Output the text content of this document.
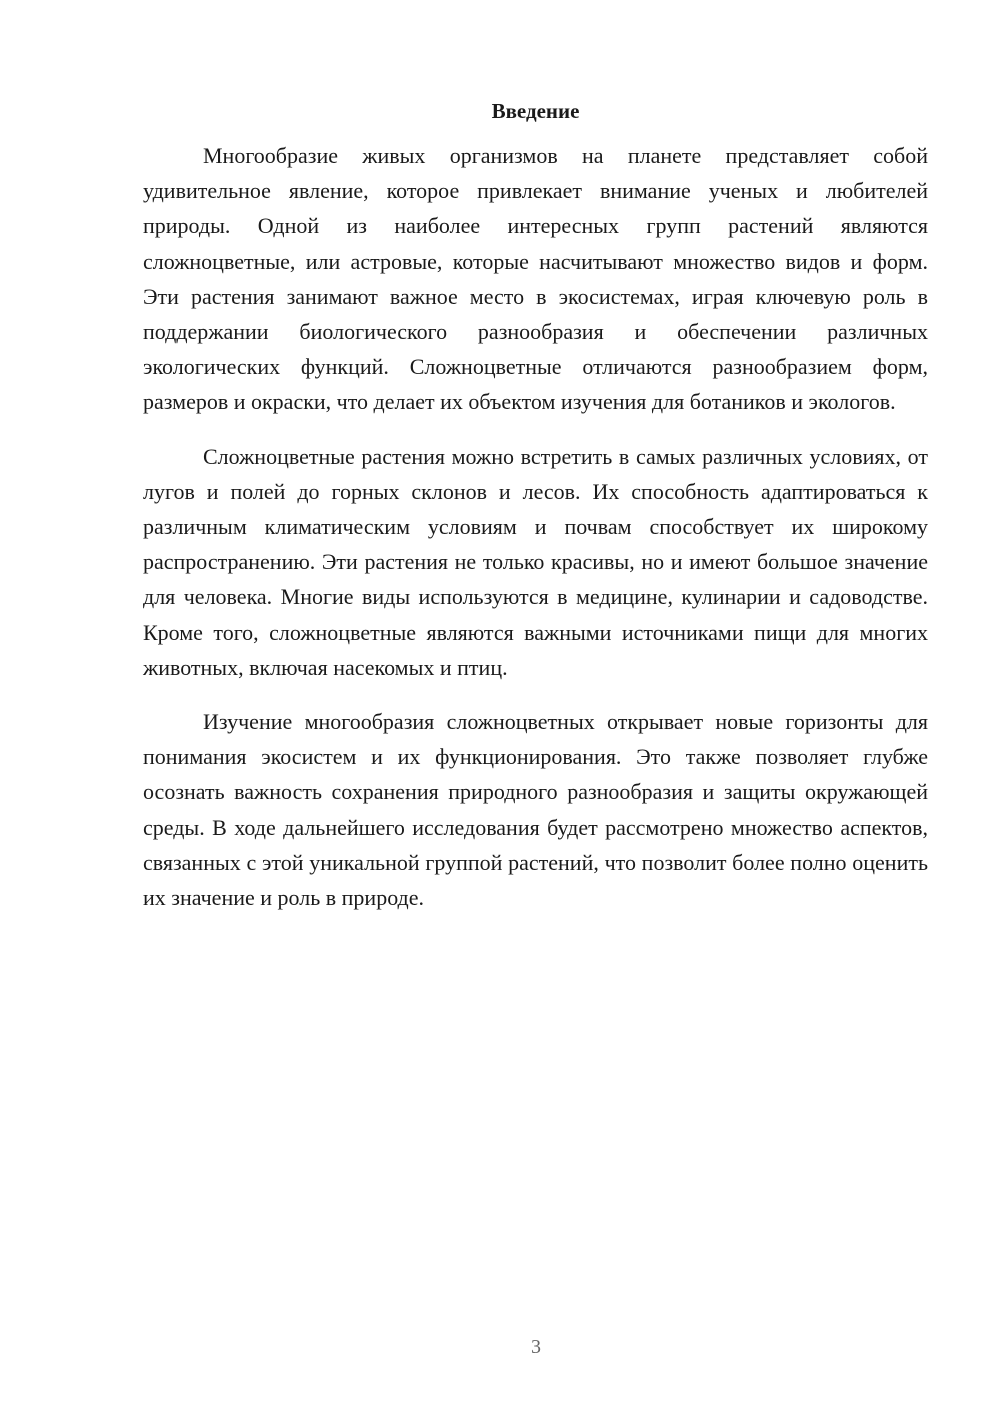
Введение

Многообразие живых организмов на планете представляет собой удивительное явление, которое привлекает внимание ученых и любителей природы. Одной из наиболее интересных групп растений являются сложноцветные, или астровые, которые насчитывают множество видов и форм. Эти растения занимают важное место в экосистемах, играя ключевую роль в поддержании биологического разнообразия и обеспечении различных экологических функций. Сложноцветные отличаются разнообразием форм, размеров и окраски, что делает их объектом изучения для ботаников и экологов.

Сложноцветные растения можно встретить в самых различных условиях, от лугов и полей до горных склонов и лесов. Их способность адаптироваться к различным климатическим условиям и почвам способствует их широкому распространению. Эти растения не только красивы, но и имеют большое значение для человека. Многие виды используются в медицине, кулинарии и садоводстве. Кроме того, сложноцветные являются важными источниками пищи для многих животных, включая насекомых и птиц.

Изучение многообразия сложноцветных открывает новые горизонты для понимания экосистем и их функционирования. Это также позволяет глубже осознать важность сохранения природного разнообразия и защиты окружающей среды. В ходе дальнейшего исследования будет рассмотрено множество аспектов, связанных с этой уникальной группой растений, что позволит более полно оценить их значение и роль в природе.

3
